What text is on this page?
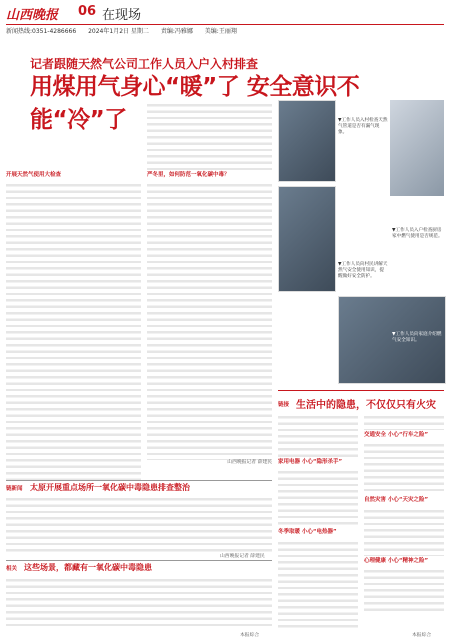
山西晚报 06 在现场
新闻热线:0351-4286666 2024年1月2日 星期二 责编:冯雅娜 美编:王丽翔
记者跟随天然气公司工作人员入户入村排查
用煤用气身心“暖”了 安全意识不能“冷”了
开展天然气使用大检查	严冬里，如何防范一氧化碳中毒？
山西晚报记者 薛建民
▼工作人员入村检查天然气管道是否有漏气现象。
▼工作人员入户检查厨房家中燃气使用是否规范。
▼工作人员向村民讲解天然气安全使用知识，提醒做好安全防护。
▼工作人员向家庭介绍燃气安全知识。
链新闻 太原开展重点场所一氧化碳中毒隐患排查整治
山西晚报记者 薛建民
相关 这些场景，都藏有一氧化碳中毒隐患
本报综合
链接 生活中的隐患，不仅仅只有火灾
家用电器 小心“隐形杀手”
冬季取暖 小心“电热器”
交通安全 小心“行车之险”
自然灾害 小心“天灾之险”
心理健康 小心“精神之险”
本报综合
